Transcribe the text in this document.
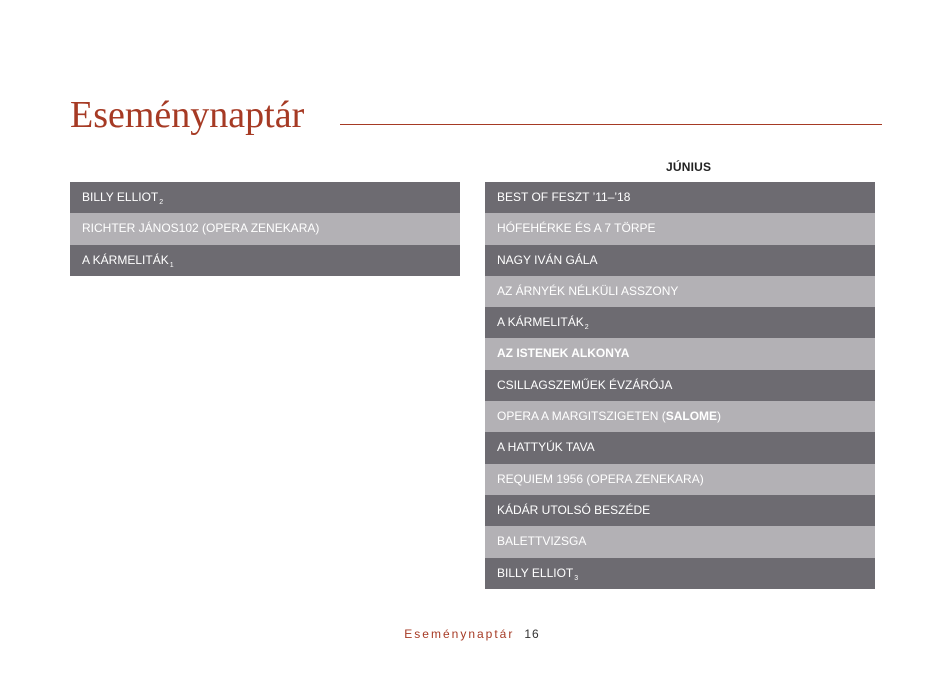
Eseménynaptár
BILLY $ELLIOT_2$
RICHTER JÁNOS102 (OPERA ZENEKARA)
A $KÁRMELITÁK_1$
JÚNIUS
BEST OF FESZT ’11–’18
HÓFEHÉRKE ÉS A 7 TÖRPE
NAGY IVÁN GÁLA
AZ ÁRNYÉK NÉLKÜLI ASSZONY
A $KÁRMELITÁK_2$
AZ ISTENEK ALKONYA
CSILLAGSZEMŰEK ÉVZÁRÓJA
OPERA A MARGITSZIGETEN (SALOME)
A HATTYÚK TAVA
REQUIEM 1956 (OPERA ZENEKARA)
KÁDÁR UTOLSÓ BESZÉDE
BALETTVIZSGA
BILLY $ELLIOT_3$
Eseménynaptár 16
